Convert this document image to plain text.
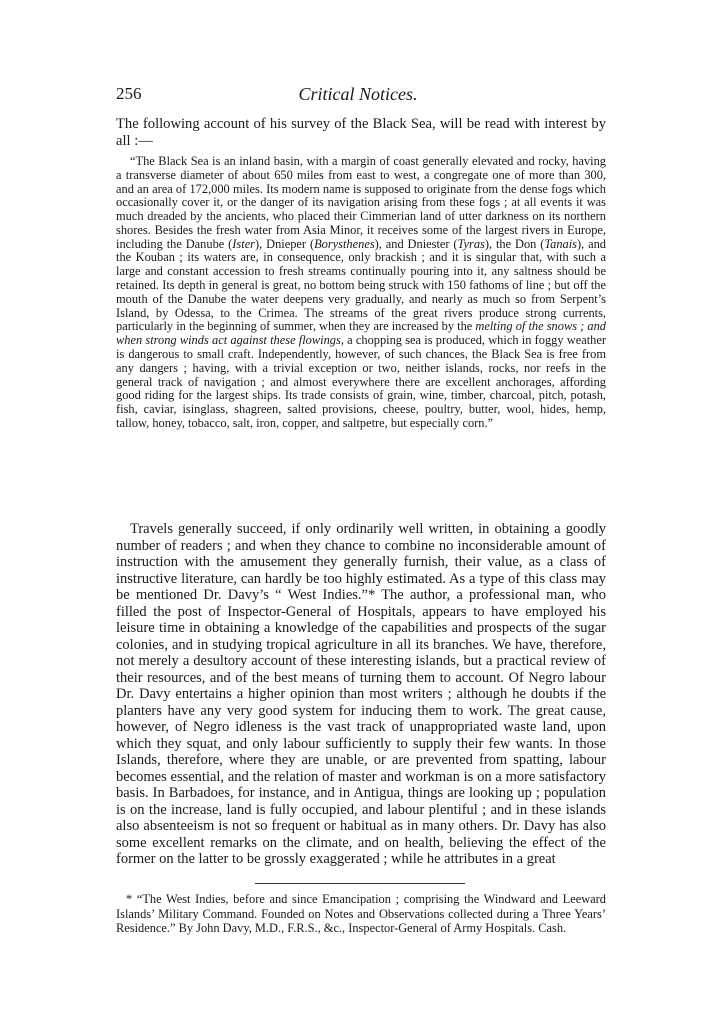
256	Critical Notices.

The following account of his survey of the Black Sea, will be read with interest by all :—

“The Black Sea is an inland basin, with a margin of coast generally elevated and rocky, having a transverse diameter of about 650 miles from east to west, a congregate one of more than 300, and an area of 172,000 miles. Its modern name is supposed to originate from the dense fogs which occasionally cover it, or the danger of its navigation arising from these fogs ; at all events it was much dreaded by the ancients, who placed their Cimmerian land of utter darkness on its northern shores. Besides the fresh water from Asia Minor, it receives some of the largest rivers in Europe, including the Danube (Ister), Dnieper (Borysthenes), and Dniester (Tyras), the Don (Tanais), and the Kouban ; its waters are, in consequence, only brackish ; and it is singular that, with such a large and constant accession to fresh streams continually pouring into it, any saltness should be retained. Its depth in general is great, no bottom being struck with 150 fathoms of line ; but off the mouth of the Danube the water deepens very gradually, and nearly as much so from Serpent’s Island, by Odessa, to the Crimea. The streams of the great rivers produce strong currents, particularly in the beginning of summer, when they are increased by the melting of the snows ; and when strong winds act against these flowings, a chopping sea is produced, which in foggy weather is dangerous to small craft. Independently, however, of such chances, the Black Sea is free from any dangers ; having, with a trivial exception or two, neither islands, rocks, nor reefs in the general track of navigation ; and almost everywhere there are excellent anchorages, affording good riding for the largest ships. Its trade consists of grain, wine, timber, charcoal, pitch, potash, fish, caviar, isinglass, shagreen, salted provisions, cheese, poultry, butter, wool, hides, hemp, tallow, honey, tobacco, salt, iron, copper, and saltpetre, but especially corn.”

Travels generally succeed, if only ordinarily well written, in obtaining a goodly number of readers ; and when they chance to combine no inconsiderable amount of instruction with the amusement they generally furnish, their value, as a class of instructive literature, can hardly be too highly estimated. As a type of this class may be mentioned Dr. Davy’s “ West Indies.”* The author, a professional man, who filled the post of Inspector-General of Hospitals, appears to have employed his leisure time in obtaining a knowledge of the capabilities and prospects of the sugar colonies, and in studying tropical agriculture in all its branches. We have, therefore, not merely a desultory account of these interesting islands, but a practical review of their resources, and of the best means of turning them to account. Of Negro labour Dr. Davy entertains a higher opinion than most writers ; although he doubts if the planters have any very good system for inducing them to work. The great cause, however, of Negro idleness is the vast track of unappropriated waste land, upon which they squat, and only labour sufficiently to supply their few wants. In those Islands, therefore, where they are unable, or are prevented from spatting, labour becomes essential, and the relation of master and workman is on a more satisfactory basis. In Barbadoes, for instance, and in Antigua, things are looking up ; population is on the increase, land is fully occupied, and labour plentiful ; and in these islands also absenteeism is not so frequent or habitual as in many others. Dr. Davy has also some excellent remarks on the climate, and on health, believing the effect of the former on the latter to be grossly exaggerated ; while he attributes in a great

* “The West Indies, before and since Emancipation ; comprising the Windward and Leeward Islands’ Military Command. Founded on Notes and Observations collected during a Three Years’ Residence.” By John Davy, M.D., F.R.S., &c., Inspector-General of Army Hospitals. Cash.
